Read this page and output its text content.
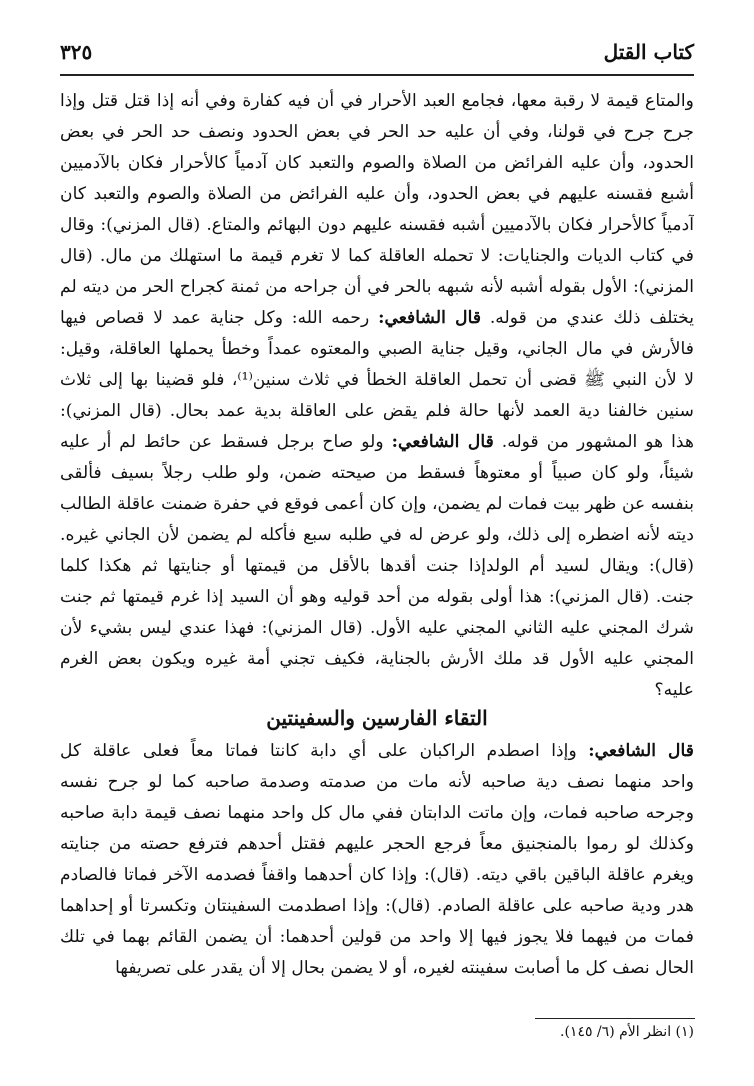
كتاب القتل
٣٢٥
والمتاع قيمة لا رقبة معها، فجامع العبد الأحرار في أن فيه كفارة وفي أنه إذا قتل قتل وإذا
جرح جرح في قولنا، وفي أن عليه حد الحر في بعض الحدود ونصف حد الحر في بعض
الحدود، وأن عليه الفرائض من الصلاة والصوم والتعبد كان آدمياً كالأحرار فكان بالآدميين
أشبع فقسنه عليهم في بعض الحدود، وأن عليه الفرائض من الصلاة والصوم والتعبد كان
آدمياً كالأحرار فكان بالآدميين أشبه فقسنه عليهم دون البهائم والمتاع. (قال المزني): وقال
في كتاب الديات والجنايات: لا تحمله العاقلة كما لا تغرم قيمة ما استهلك من مال. (قال
المزني): الأول بقوله أشبه لأنه شبهه بالحر في أن جراحه من ثمنة كجراح الحر من ديته لم
يختلف ذلك عندي من قوله. قال الشافعي: رحمه الله: وكل جناية عمد لا قصاص فيها
فالأرش في مال الجاني، وقيل جناية الصبي والمعتوه عمداً وخطأ يحملها العاقلة، وقيل:
لا لأن النبي ﷺ قضى أن تحمل العاقلة الخطأ في ثلاث سنين⁽¹⁾، فلو قضينا بها إلى ثلاث
سنين خالفنا دية العمد لأنها حالة فلم يقض على العاقلة بدية عمد بحال. (قال المزني):
هذا هو المشهور من قوله. قال الشافعي: ولو صاح برجل فسقط عن حائط لم أر عليه
شيئاً، ولو كان صبياً أو معتوهاً فسقط من صيحته ضمن، ولو طلب رجلاً بسيف فألقى
بنفسه عن ظهر بيت فمات لم يضمن، وإن كان أعمى فوقع في حفرة ضمنت عاقلة الطالب
ديته لأنه اضطره إلى ذلك، ولو عرض له في طلبه سبع فأكله لم يضمن لأن الجاني غيره.
(قال): ويقال لسيد أم الولدإذا جنت أقدها بالأقل من قيمتها أو جنايتها ثم هكذا كلما
جنت. (قال المزني): هذا أولى بقوله من أحد قوليه وهو أن السيد إذا غرم قيمتها ثم جنت
شرك المجني عليه الثاني المجني عليه الأول. (قال المزني): فهذا عندي ليس بشيء لأن
المجني عليه الأول قد ملك الأرش بالجناية، فكيف تجني أمة غيره ويكون بعض الغرم
عليه؟
التقاء الفارسين والسفينتين
قال الشافعي: وإذا اصطدم الراكبان على أي دابة كانتا فماتا معاً فعلى عاقلة كل
واحد منهما نصف دية صاحبه لأنه مات من صدمته وصدمة صاحبه كما لو جرح نفسه
وجرحه صاحبه فمات، وإن ماتت الدابتان ففي مال كل واحد منهما نصف قيمة دابة صاحبه
وكذلك لو رموا بالمنجنيق معاً فرجع الحجر عليهم فقتل أحدهم فترفع حصته من جنايته
ويغرم عاقلة الباقين باقي ديته. (قال): وإذا كان أحدهما واقفاً فصدمه الآخر فماتا فالصادم
هدر ودية صاحبه على عاقلة الصادم. (قال): وإذا اصطدمت السفينتان وتكسرتا أو إحداهما
فمات من فيهما فلا يجوز فيها إلا واحد من قولين أحدهما: أن يضمن القائم بهما في تلك
الحال نصف كل ما أصابت سفينته لغيره، أو لا يضمن بحال إلا أن يقدر على تصريفها
(١) انظر الأم (٦/ ١٤٥).
